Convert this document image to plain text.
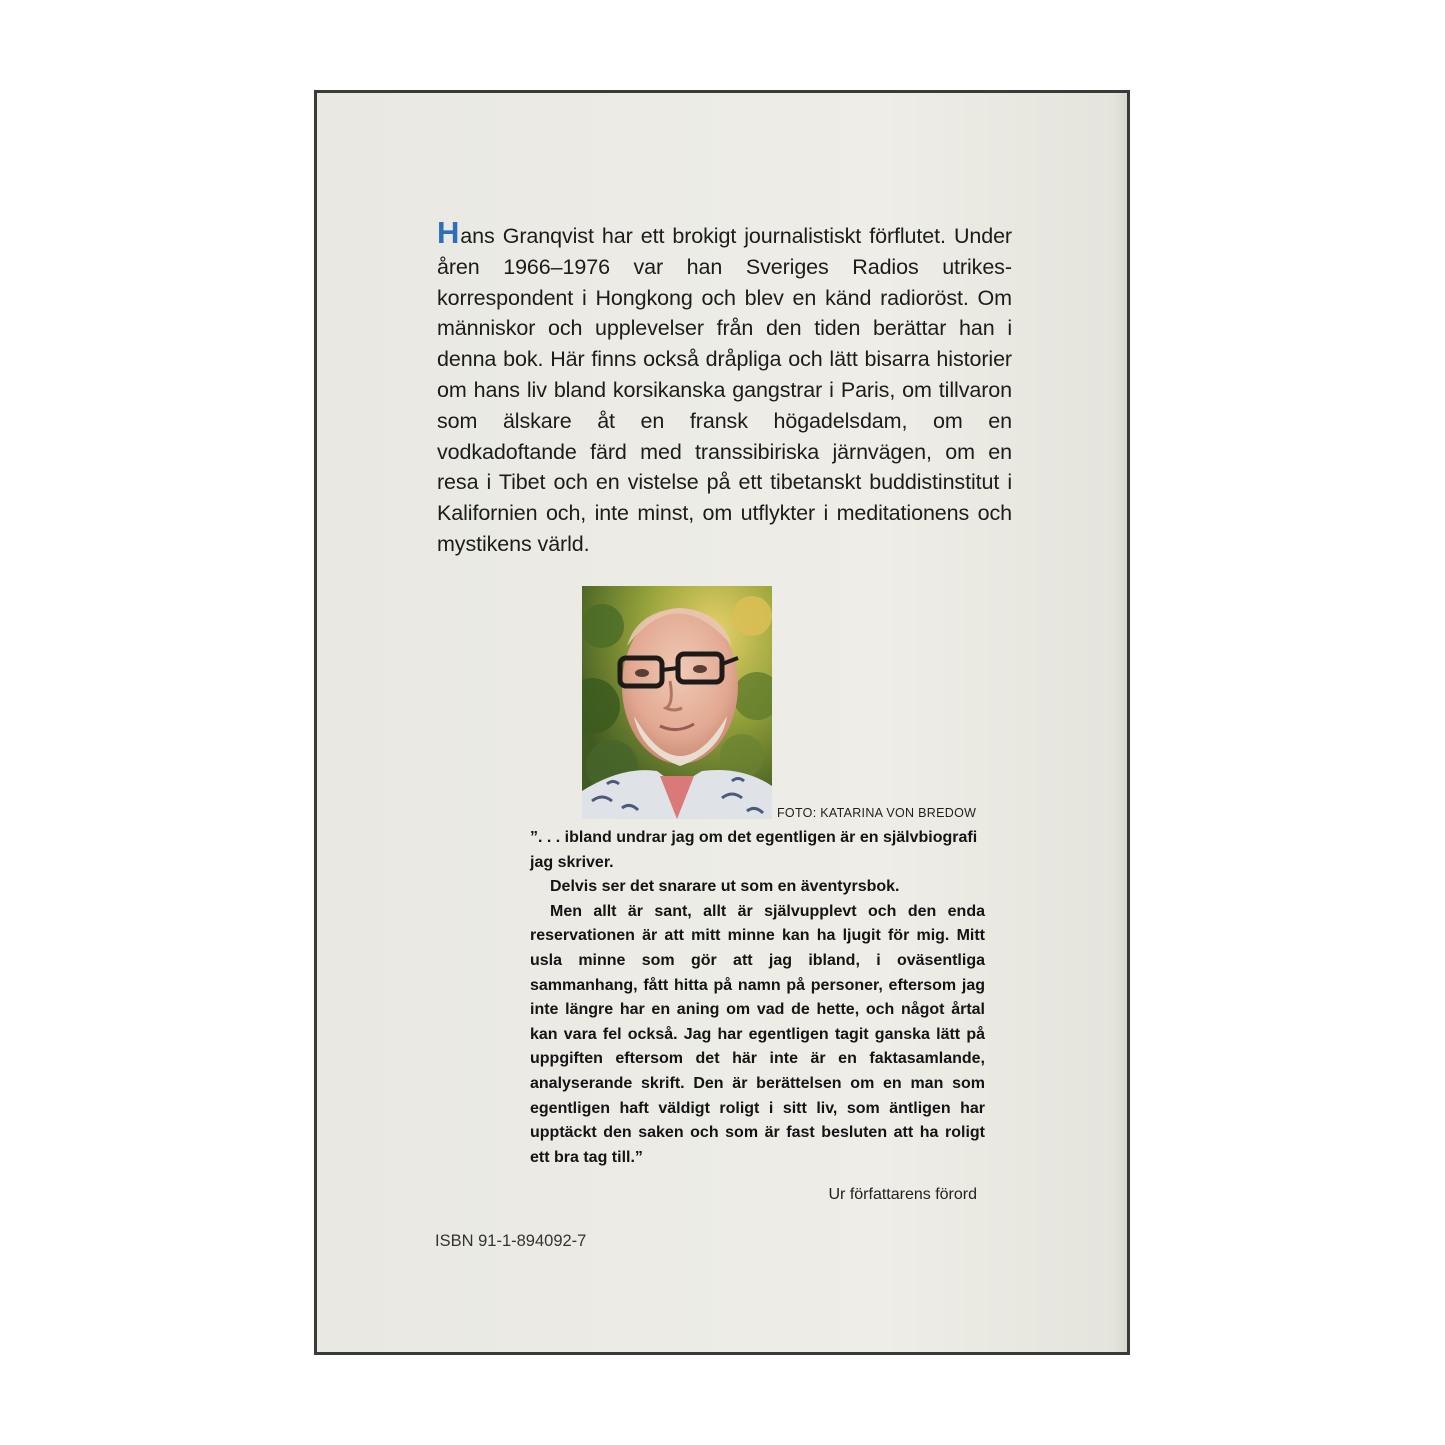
Hans Granqvist har ett brokigt journalistiskt förflutet. Under åren 1966–1976 var han Sveriges Radios utrikeskorrespondent i Hongkong och blev en känd radioröst. Om människor och upplevelser från den tiden berättar han i denna bok. Här finns också dråpliga och lätt bisarra historier om hans liv bland korsikanska gangstrar i Paris, om tillvaron som älskare åt en fransk högadelsdam, om en vodkadoftande färd med transsibiriska järnvägen, om en resa i Tibet och en vistelse på ett tibetanskt buddistinstitut i Kalifornien och, inte minst, om utflykter i meditationens och mystikens värld.

FOTO: KATARINA VON BREDOW

”. . . ibland undrar jag om det egentligen är en självbiografi jag skriver.

Delvis ser det snarare ut som en äventyrsbok.

Men allt är sant, allt är självupplevt och den enda reservationen är att mitt minne kan ha ljugit för mig. Mitt usla minne som gör att jag ibland, i oväsentliga sammanhang, fått hitta på namn på personer, eftersom jag inte längre har en aning om vad de hette, och något årtal kan vara fel också. Jag har egentligen tagit ganska lätt på uppgiften eftersom det här inte är en faktasamlande, analyserande skrift. Den är berättelsen om en man som egentligen haft väldigt roligt i sitt liv, som äntligen har upptäckt den saken och som är fast besluten att ha roligt ett bra tag till.”

Ur författarens förord

ISBN 91-1-894092-7
